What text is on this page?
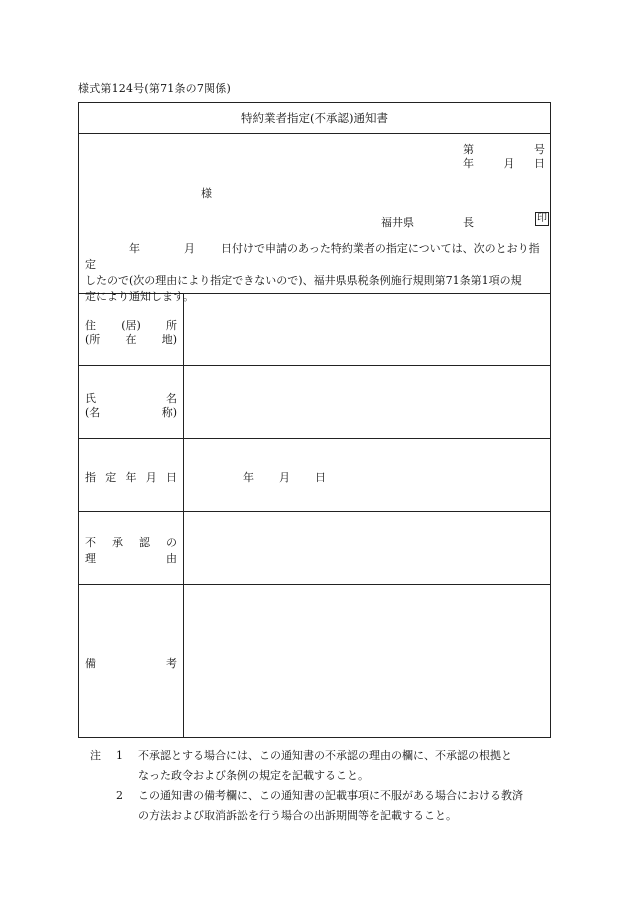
様式第124号(第71条の7関係)
特約業者指定(不承認)通知書
第	号
年	月 日
様
福井県	長	印
年	月 日付けで申請のあった特約業者の指定については、次のとおり指定
したので(次の理由により指定できないので)、福井県県税条例施行規則第71条第1項の規
定により通知します。
住 (居) 所
(所 在 地)
氏	名
(名	称)
指 定 年 月 日	年	月	日
不 承 認 の
理	由
備	考
注 1 不承認とする場合には、この通知書の不承認の理由の欄に、不承認の根拠と
なった政令および条例の規定を記載すること。
2 この通知書の備考欄に、この通知書の記載事項に不服がある場合における教済
の方法および取消訴訟を行う場合の出訴期間等を記載すること。
